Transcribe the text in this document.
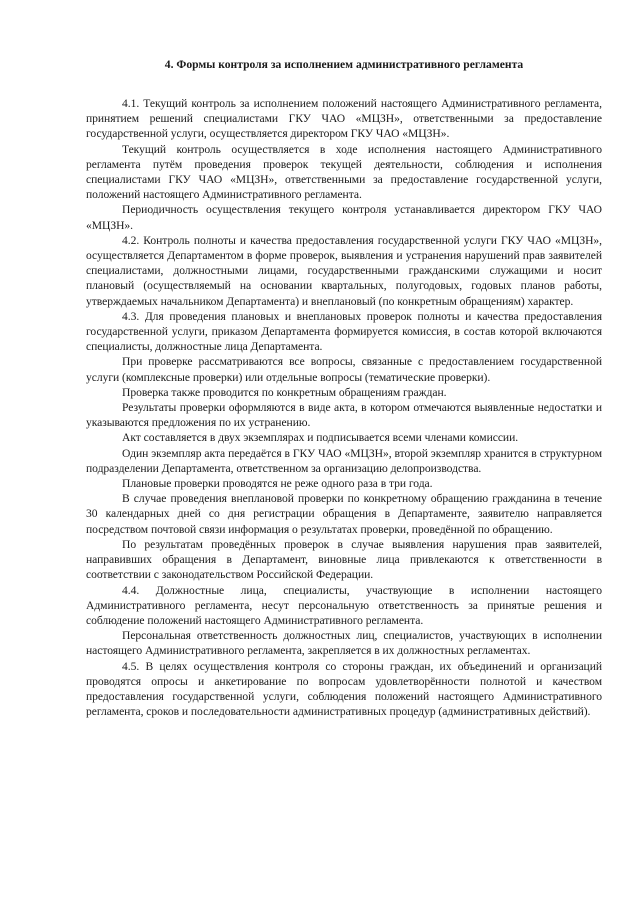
4. Формы контроля за исполнением административного регламента

4.1. Текущий контроль за исполнением положений настоящего Административного регламента, принятием решений специалистами ГКУ ЧАО «МЦЗН», ответственными за предоставление государственной услуги, осуществляется директором ГКУ ЧАО «МЦЗН».

Текущий контроль осуществляется в ходе исполнения настоящего Административного регламента путём проведения проверок текущей деятельности, соблюдения и исполнения специалистами ГКУ ЧАО «МЦЗН», ответственными за предоставление государственной услуги, положений настоящего Административного регламента.

Периодичность осуществления текущего контроля устанавливается директором ГКУ ЧАО «МЦЗН».

4.2. Контроль полноты и качества предоставления государственной услуги ГКУ ЧАО «МЦЗН», осуществляется Департаментом в форме проверок, выявления и устранения нарушений прав заявителей специалистами, должностными лицами, государственными гражданскими служащими и носит плановый (осуществляемый на основании квартальных, полугодовых, годовых планов работы, утверждаемых начальником Департамента) и внеплановый (по конкретным обращениям) характер.

4.3. Для проведения плановых и внеплановых проверок полноты и качества предоставления государственной услуги, приказом Департамента формируется комиссия, в состав которой включаются специалисты, должностные лица Департамента.

При проверке рассматриваются все вопросы, связанные с предоставлением государственной услуги (комплексные проверки) или отдельные вопросы (тематические проверки).

Проверка также проводится по конкретным обращениям граждан.

Результаты проверки оформляются в виде акта, в котором отмечаются выявленные недостатки и указываются предложения по их устранению.

Акт составляется в двух экземплярах и подписывается всеми членами комиссии.

Один экземпляр акта передаётся в ГКУ ЧАО «МЦЗН», второй экземпляр хранится в структурном подразделении Департамента, ответственном за организацию делопроизводства.

Плановые проверки проводятся не реже одного раза в три года.

В случае проведения внеплановой проверки по конкретному обращению гражданина в течение 30 календарных дней со дня регистрации обращения в Департаменте, заявителю направляется посредством почтовой связи информация о результатах проверки, проведённой по обращению.

По результатам проведённых проверок в случае выявления нарушения прав заявителей, направивших обращения в Департамент, виновные лица привлекаются к ответственности в соответствии с законодательством Российской Федерации.

4.4. Должностные лица, специалисты, участвующие в исполнении настоящего Административного регламента, несут персональную ответственность за принятые решения и соблюдение положений настоящего Административного регламента.

Персональная ответственность должностных лиц, специалистов, участвующих в исполнении настоящего Административного регламента, закрепляется в их должностных регламентах.

4.5. В целях осуществления контроля со стороны граждан, их объединений и организаций проводятся опросы и анкетирование по вопросам удовлетворённости полнотой и качеством предоставления государственной услуги, соблюдения положений настоящего Административного регламента, сроков и последовательности административных процедур (административных действий).
